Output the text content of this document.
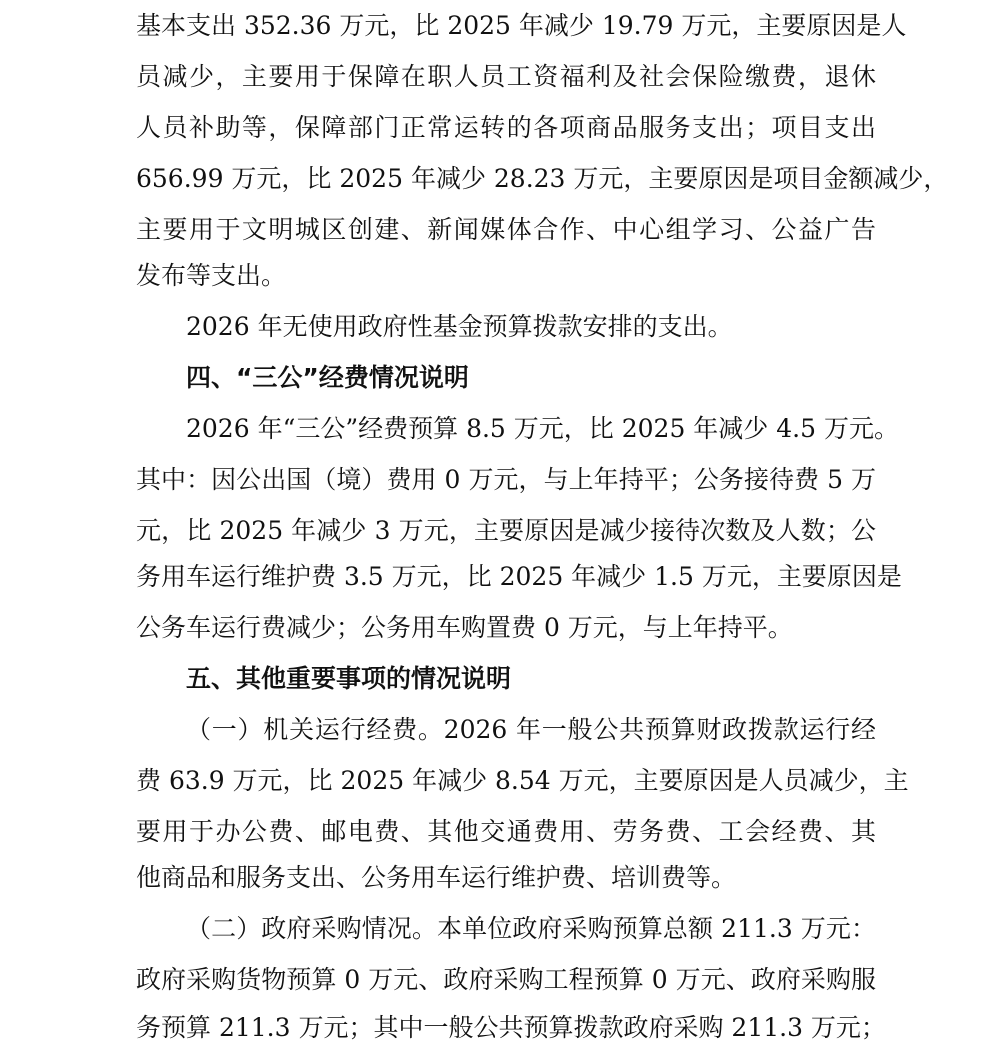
基本支出 352.36 万元，比 2025 年减少 19.79 万元，主要原因是人
员减少，主要用于保障在职人员工资福利及社会保险缴费，退休
人员补助等，保障部门正常运转的各项商品服务支出；项目支出
656.99 万元，比 2025 年减少 28.23 万元，主要原因是项目金额减少，
主要用于文明城区创建、新闻媒体合作、中心组学习、公益广告
发布等支出。
2026 年无使用政府性基金预算拨款安排的支出。
四、“三公”经费情况说明
2026 年“三公”经费预算 8.5 万元，比 2025 年减少 4.5 万元。
其中：因公出国（境）费用 0 万元，与上年持平；公务接待费 5 万
元，比 2025 年减少 3 万元，主要原因是减少接待次数及人数；公
务用车运行维护费 3.5 万元，比 2025 年减少 1.5 万元，主要原因是
公务车运行费减少；公务用车购置费 0 万元，与上年持平。
五、其他重要事项的情况说明
（一）机关运行经费。2026 年一般公共预算财政拨款运行经
费 63.9 万元，比 2025 年减少 8.54 万元，主要原因是人员减少，主
要用于办公费、邮电费、其他交通费用、劳务费、工会经费、其
他商品和服务支出、公务用车运行维护费、培训费等。
（二）政府采购情况。本单位政府采购预算总额 211.3 万元：
政府采购货物预算 0 万元、政府采购工程预算 0 万元、政府采购服
务预算 211.3 万元；其中一般公共预算拨款政府采购 211.3 万元；
